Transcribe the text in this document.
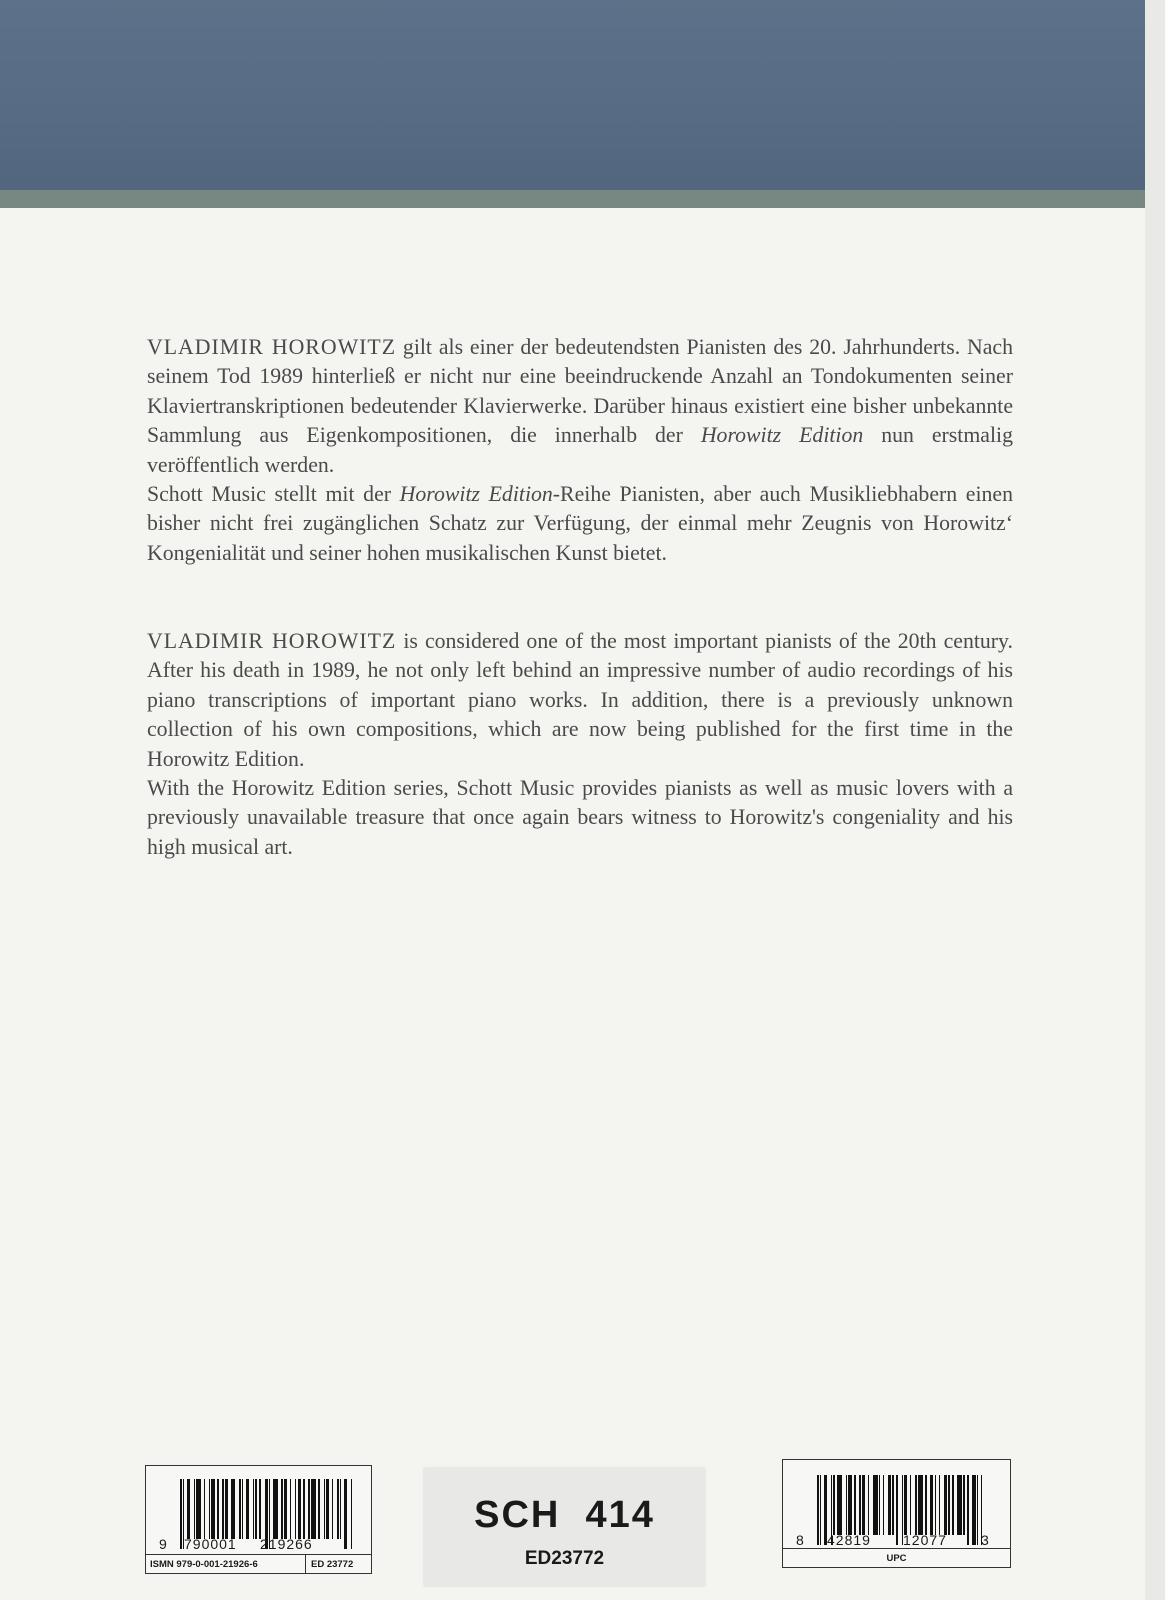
VLADIMIR HOROWITZ gilt als einer der bedeutendsten Pianisten des 20. Jahrhunderts. Nach seinem Tod 1989 hinterließ er nicht nur eine beeindruckende Anzahl an Tondokumenten seiner Klaviertranskriptionen bedeutender Klavierwerke. Darüber hinaus existiert eine bisher unbekannte Sammlung aus Eigenkompositionen, die innerhalb der Horowitz Edition nun erstmalig veröffentlich werden.

Schott Music stellt mit der Horowitz Edition-Reihe Pianisten, aber auch Musikliebhabern einen bisher nicht frei zugänglichen Schatz zur Verfügung, der einmal mehr Zeugnis von Horowitz‘ Kongenialität und seiner hohen musikalischen Kunst bietet.

VLADIMIR HOROWITZ is considered one of the most important pianists of the 20th century. After his death in 1989, he not only left behind an impressive number of audio recordings of his piano transcriptions of important piano works. In addition, there is a previously unknown collection of his own compositions, which are now being published for the first time in the Horowitz Edition.

With the Horowitz Edition series, Schott Music provides pianists as well as music lovers with a previously unavailable treasure that once again bears witness to Horowitz's congeniality and his high musical art.

9 790001 219266
ISMN 979-0-001-21926-6	ED 23772
SCH  414
ED23772
8 42819 12077 3
UPC
